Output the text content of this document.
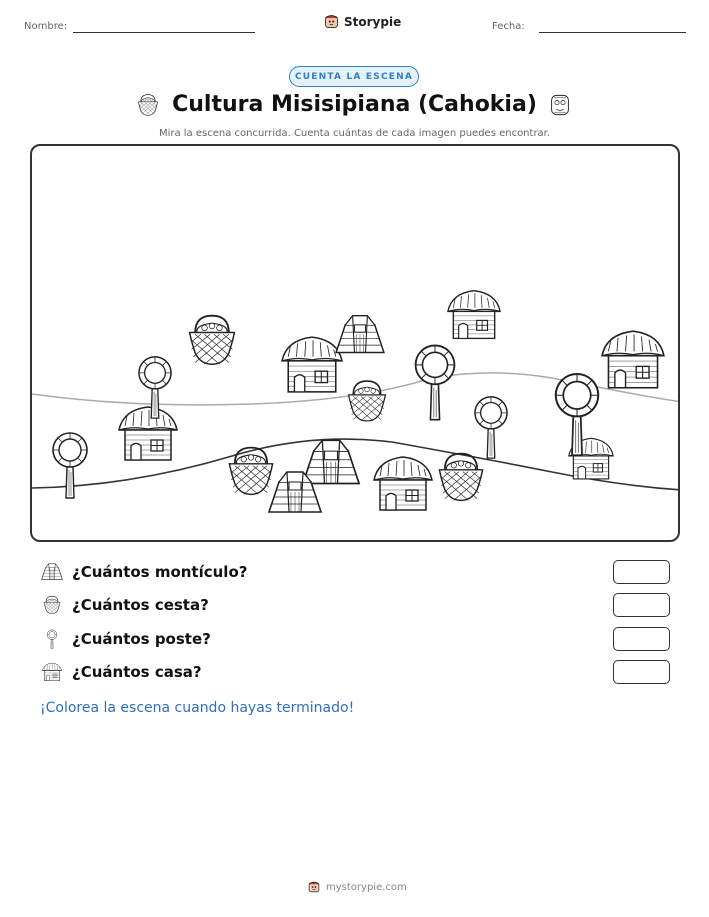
Nombre:	Storypie	Fecha:
CUENTA LA ESCENA
Cultura Misisipiana (Cahokia)
Mira la escena concurrida. Cuenta cuántas de cada imagen puedes encontrar.
¿Cuántos montículo?
¿Cuántos cesta?
¿Cuántos poste?
¿Cuántos casa?
¡Colorea la escena cuando hayas terminado!
mystorypie.com
